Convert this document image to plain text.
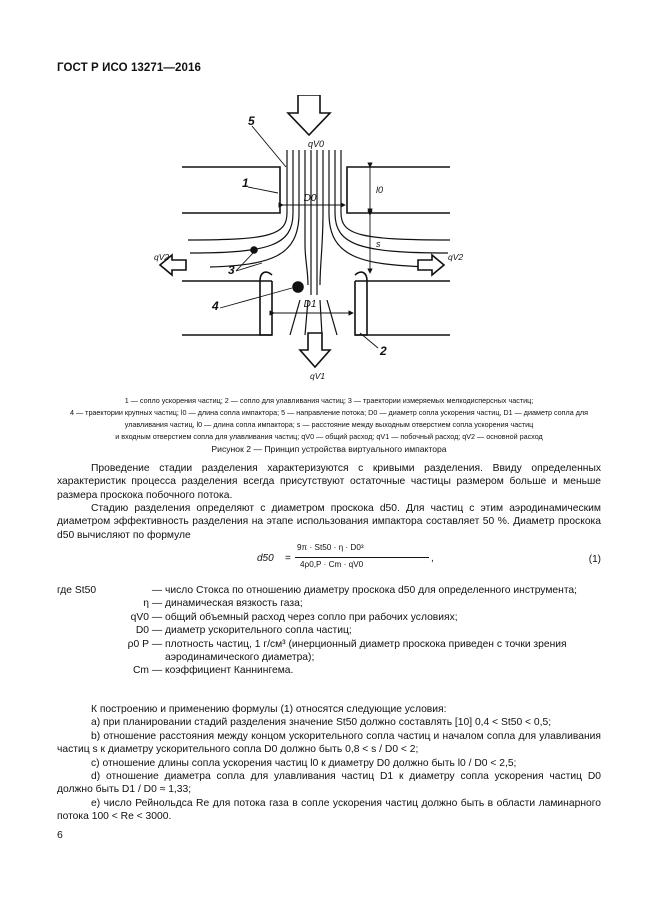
ГОСТ Р ИСО 13271—2016
qV0
D0
D1
l0
s
qV2	qV2
qV1
5
1
3
4
2
1 — сопло ускорения частиц; 2 — сопло для улавливания частиц; 3 — траектории измеряемых мелкодисперсных частиц;
4 — траектории крупных частиц; l0 — длина сопла импактора; 5 — направление потока; D0 — диаметр сопла ускорения частиц, D1 — диаметр сопла для
улавливания частиц, l0 — длина сопла импактора; s — расстояние между выходным отверстием сопла ускорения частиц
и входным отверстием сопла для улавливания частиц; qV0 — общий расход; qV1 — побочный расход; qV2 — основной расход
Рисунок 2 — Принцип устройства виртуального импактора

Проведение стадии разделения характеризуются с кривыми разделения. Ввиду определенных характеристик процесса разделения всегда присутствуют остаточные частицы размером больше и меньше размера проскока побочного потока.

Стадию разделения определяют с диаметром проскока d50. Для частиц с этим аэродинамическим диаметром эффективность разделения на этапе использования импактора составляет 50 %. Диаметр проскока d50 вычисляют по формуле

d50 =
9π · St50 · η · D0³
4ρ0,P · Cm · qV0
,	(1)
где St50	— число Стокса по отношению диаметру проскока d50 для определенного инструмента;
η — динамическая вязкость газа;
qV0 — общий объемный расход через сопло при рабочих условиях;
D0 — диаметр ускорительного сопла частиц;
ρ0 P — плотность частиц, 1 г/см³ (инерционный диаметр проскока приведен с точки зрения аэродинамического диаметра);
Cm — коэффициент Каннингема.
К построению и применению формулы (1) относятся следующие условия:
а) при планировании стадий разделения значение St50 должно составлять [10] 0,4 < St50 < 0,5;
b) отношение расстояния между концом ускорительного сопла частиц и началом сопла для улавливания частиц s к диаметру ускорительного сопла D0 должно быть 0,8 < s / D0 < 2;
c) отношение длины сопла ускорения частиц l0 к диаметру D0 должно быть l0 / D0 < 2,5;
d) отношение диаметра сопла для улавливания частиц D1 к диаметру сопла ускорения частиц D0 должно быть D1 / D0 ≈ 1,33;
е) число Рейнольдса Re для потока газа в сопле ускорения частиц должно быть в области ламинарного потока 100 < Re < 3000.
6
